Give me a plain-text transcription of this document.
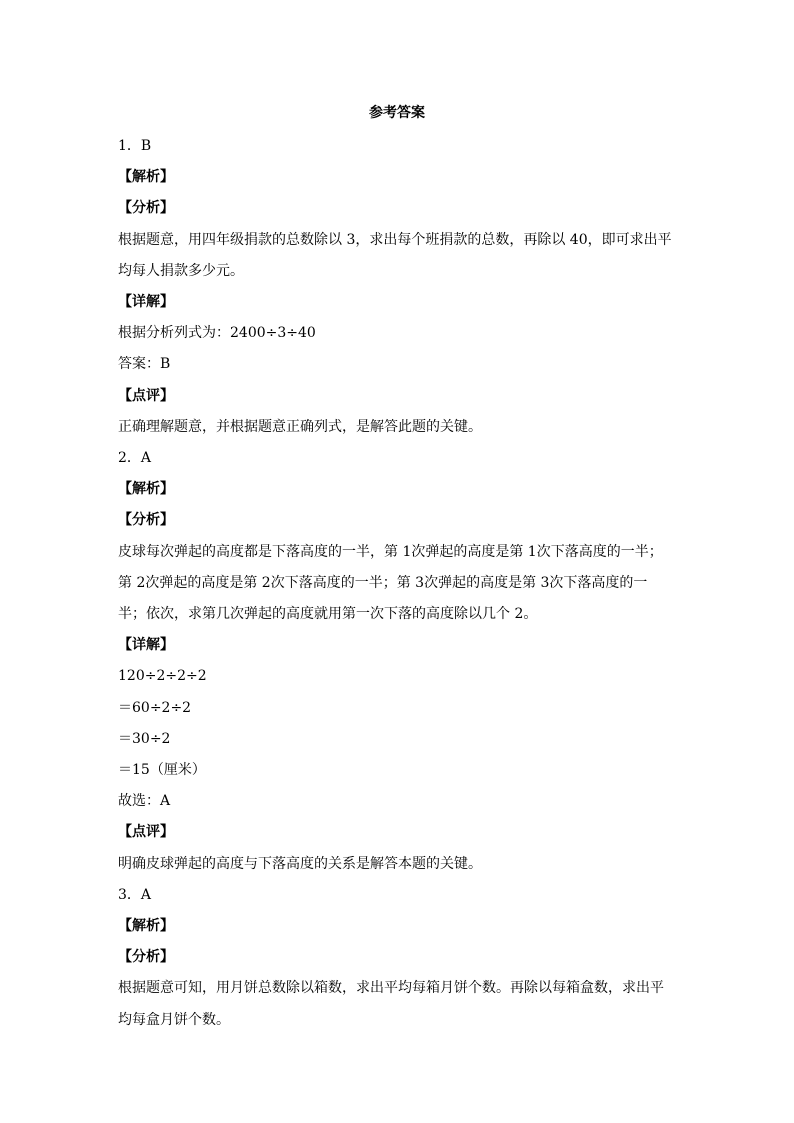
参考答案
1．B
【解析】
【分析】
根据题意，用四年级捐款的总数除以 3，求出每个班捐款的总数，再除以 40，即可求出平
均每人捐款多少元。
【详解】
根据分析列式为：2400÷3÷40
答案：B
【点评】
正确理解题意，并根据题意正确列式，是解答此题的关键。
2．A
【解析】
【分析】
皮球每次弹起的高度都是下落高度的一半，第 1次弹起的高度是第 1次下落高度的一半；
第 2次弹起的高度是第 2次下落高度的一半；第 3次弹起的高度是第 3次下落高度的一
半；依次，求第几次弹起的高度就用第一次下落的高度除以几个 2。
【详解】
120÷2÷2÷2
＝60÷2÷2
＝30÷2
＝15（厘米）
故选：A
【点评】
明确皮球弹起的高度与下落高度的关系是解答本题的关键。
3．A
【解析】
【分析】
根据题意可知，用月饼总数除以箱数，求出平均每箱月饼个数。再除以每箱盒数，求出平
均每盒月饼个数。
